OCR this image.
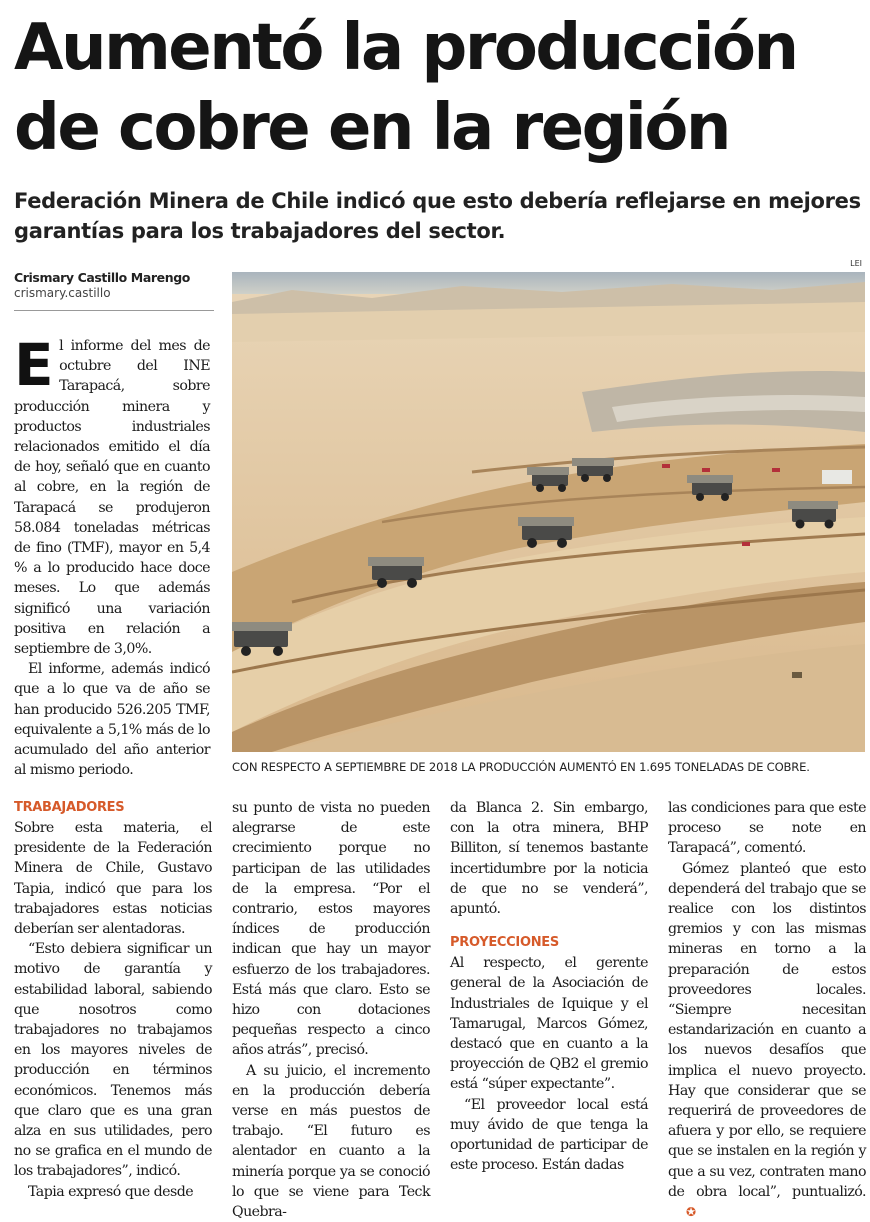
Aumentó la producción
de cobre en la región

Federación Minera de Chile indicó que esto debería reflejarse en mejores garantías para los trabajadores del sector.

Crismary Castillo Marengo
crismary.castillo
LEI
CON RESPECTO A SEPTIEMBRE DE 2018 LA PRODUCCIÓN AUMENTÓ EN 1.695 TONELADAS DE COBRE.
E l informe del mes de octubre del INE Tarapacá, sobre producción minera y productos industriales relacionados emitido el día de hoy, señaló que en cuanto al cobre, en la región de Tarapacá se produjeron 58.084 toneladas métricas de fino (TMF), mayor en 5,4 % a lo producido hace doce meses. Lo que además significó una variación positiva en relación a septiembre de 3,0%.

El informe, además indicó que a lo que va de año se han producido 526.205 TMF, equivalente a 5,1% más de lo acumulado del año anterior al mismo periodo.

TRABAJADORES

Sobre esta materia, el presidente de la Federación Minera de Chile, Gustavo Tapia, indicó que para los trabajadores estas noticias deberían ser alentadoras.

“Esto debiera significar un motivo de garantía y estabilidad laboral, sabiendo que nosotros como trabajadores no trabajamos en los mayores niveles de producción en términos económicos. Tenemos más que claro que es una gran alza en sus utilidades, pero no se grafica en el mundo de los trabajadores”, indicó.

Tapia expresó que desde

su punto de vista no pueden alegrarse de este crecimiento porque no participan de las utilidades de la empresa. “Por el contrario, estos mayores índices de producción indican que hay un mayor esfuerzo de los trabajadores. Está más que claro. Esto se hizo con dotaciones pequeñas respecto a cinco años atrás”, precisó.

A su juicio, el incremento en la producción debería verse en más puestos de trabajo. “El futuro es alentador en cuanto a la minería porque ya se conoció lo que se viene para Teck Quebra-

da Blanca 2. Sin embargo, con la otra minera, BHP Billiton, sí tenemos bastante incertidumbre por la noticia de que no se venderá”, apuntó.

PROYECCIONES

Al respecto, el gerente general de la Asociación de Industriales de Iquique y el Tamarugal, Marcos Gómez, destacó que en cuanto a la proyección de QB2 el gremio está “súper expectante”.

“El proveedor local está muy ávido de que tenga la oportunidad de participar de este proceso. Están dadas

las condiciones para que este proceso se note en Tarapacá”, comentó.

Gómez planteó que esto dependerá del trabajo que se realice con los distintos gremios y con las mismas mineras en torno a la preparación de estos proveedores locales. “Siempre necesitan estandarización en cuanto a los nuevos desafíos que implica el nuevo proyecto. Hay que considerar que se requerirá de proveedores de afuera y por ello, se requiere que se instalen en la región y que a su vez, contraten mano de obra local”, puntualizó.✪
